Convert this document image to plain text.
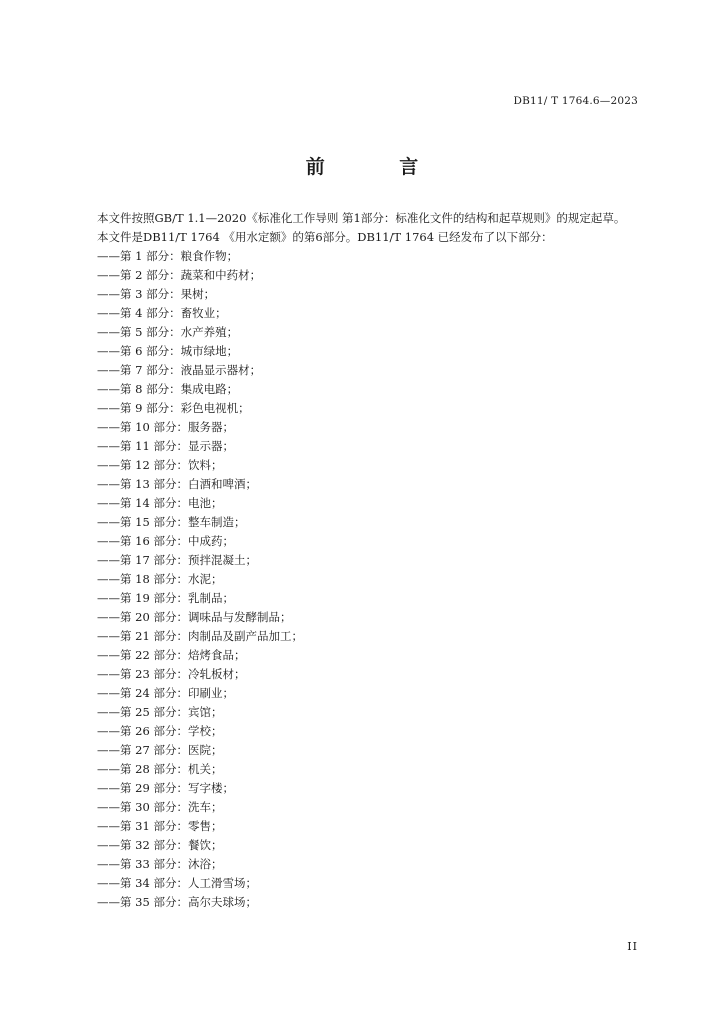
DB11/ T 1764.6—2023
前 言

本文件按照GB/T 1.1—2020《标准化工作导则 第1部分：标准化文件的结构和起草规则》的规定起草。

本文件是DB11/T 1764 《用水定额》的第6部分。DB11/T 1764 已经发布了以下部分：

——第 1 部分：粮食作物；
——第 2 部分：蔬菜和中药材；
——第 3 部分：果树；
——第 4 部分：畜牧业；
——第 5 部分：水产养殖；
——第 6 部分：城市绿地；
——第 7 部分：液晶显示器材；
——第 8 部分：集成电路；
——第 9 部分：彩色电视机；
——第 10 部分：服务器；
——第 11 部分：显示器；
——第 12 部分：饮料；
——第 13 部分：白酒和啤酒；
——第 14 部分：电池；
——第 15 部分：整车制造；
——第 16 部分：中成药；
——第 17 部分：预拌混凝土；
——第 18 部分：水泥；
——第 19 部分：乳制品；
——第 20 部分：调味品与发酵制品；
——第 21 部分：肉制品及副产品加工；
——第 22 部分：焙烤食品；
——第 23 部分：冷轧板材；
——第 24 部分：印刷业；
——第 25 部分：宾馆；
——第 26 部分：学校；
——第 27 部分：医院；
——第 28 部分：机关；
——第 29 部分：写字楼；
——第 30 部分：洗车；
——第 31 部分：零售；
——第 32 部分：餐饮；
——第 33 部分：沐浴；
——第 34 部分：人工滑雪场；
——第 35 部分：高尔夫球场；
II
